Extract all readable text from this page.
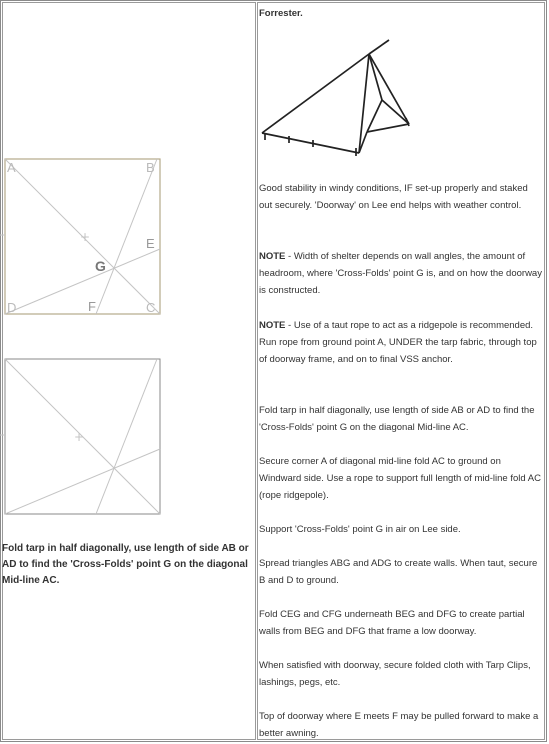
+
A	B
C
D
E
F
G
+

Fold tarp in half diagonally, use length of side AB or AD to find the 'Cross-Folds' point G on the diagonal Mid-line AC.

Forrester.

Good stability in windy conditions, IF set-up properly and staked out securely. 'Doorway' on Lee end helps with weather control.

NOTE - Width of shelter depends on wall angles, the amount of headroom, where 'Cross-Folds' point G is, and on how the doorway is constructed.

NOTE - Use of a taut rope to act as a ridgepole is recommended. Run rope from ground point A, UNDER the tarp fabric, through top of doorway frame, and on to final VSS anchor.

Fold tarp in half diagonally, use length of side AB or AD to find the 'Cross-Folds' point G on the diagonal Mid-line AC.

Secure corner A of diagonal mid-line fold AC to ground on Windward side. Use a rope to support full length of mid-line fold AC (rope ridgepole).

Support 'Cross-Folds' point G in air on Lee side.

Spread triangles ABG and ADG to create walls. When taut, secure B and D to ground.

Fold CEG and CFG underneath BEG and DFG to create partial walls from BEG and DFG that frame a low doorway.

When satisfied with doorway, secure folded cloth with Tarp Clips, lashings, pegs, etc.

Top of doorway where E meets F may be pulled forward to make a better awning.
